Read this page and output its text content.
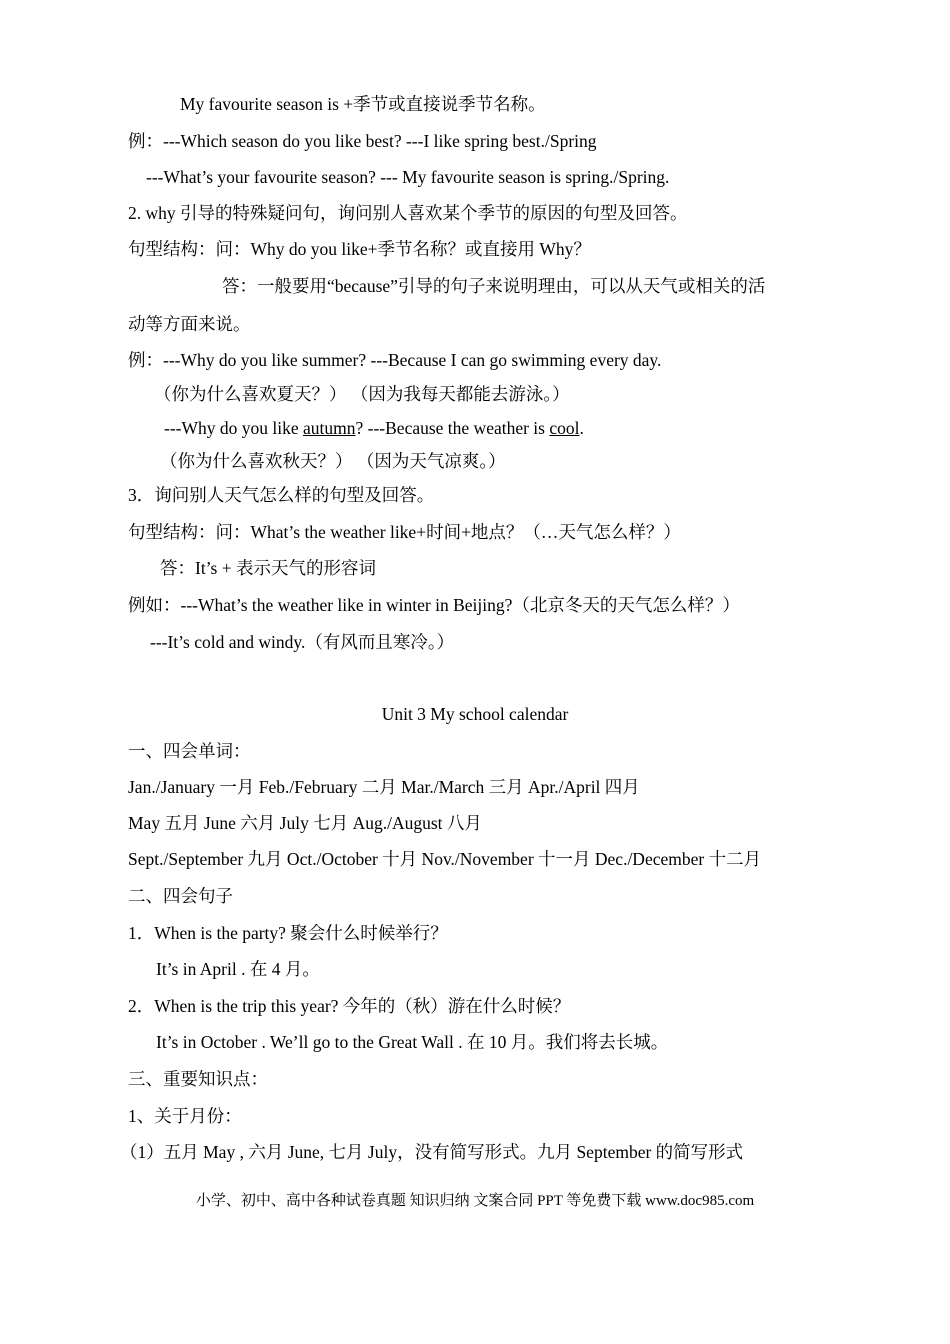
My favourite season is +季节或直接说季节名称。
例：---Which season do you like best? ---I like spring best./Spring
---What’s your favourite season? --- My favourite season is spring./Spring.
2. why 引导的特殊疑问句，询问别人喜欢某个季节的原因的句型及回答。
句型结构：问：Why do you like+季节名称？或直接用 Why？
答：一般要用“because”引导的句子来说明理由，可以从天气或相关的活
动等方面来说。
例：---Why do you like summer? ---Because I can go swimming every day.
（你为什么喜欢夏天？） （因为我每天都能去游泳。）
---Why do you like autumn? ---Because the weather is cool.
（你为什么喜欢秋天？） （因为天气凉爽。）
3．询问别人天气怎么样的句型及回答。
句型结构：问：What’s the weather like+时间+地点？（…天气怎么样？）
答：It’s + 表示天气的形容词
例如：---What’s the weather like in winter in Beijing?（北京冬天的天气怎么样？）
---It’s cold and windy.（有风而且寒冷。）
Unit 3 My school calendar
一、四会单词：
Jan./January 一月 Feb./February 二月 Mar./March 三月 Apr./April 四月
May 五月 June 六月 July 七月 Aug./August 八月
Sept./September 九月 Oct./October 十月 Nov./November 十一月 Dec./December 十二月
二、四会句子
1．When is the party? 聚会什么时候举行？
It’s in April . 在 4 月。
2．When is the trip this year? 今年的（秋）游在什么时候？
It’s in October . We’ll go to the Great Wall . 在 10 月。我们将去长城。
三、重要知识点：
1、关于月份：
（1）五月 May , 六月 June, 七月 July，没有简写形式。九月 September 的简写形式
小学、初中、高中各种试卷真题 知识归纳 文案合同 PPT 等免费下载 www.doc985.com
